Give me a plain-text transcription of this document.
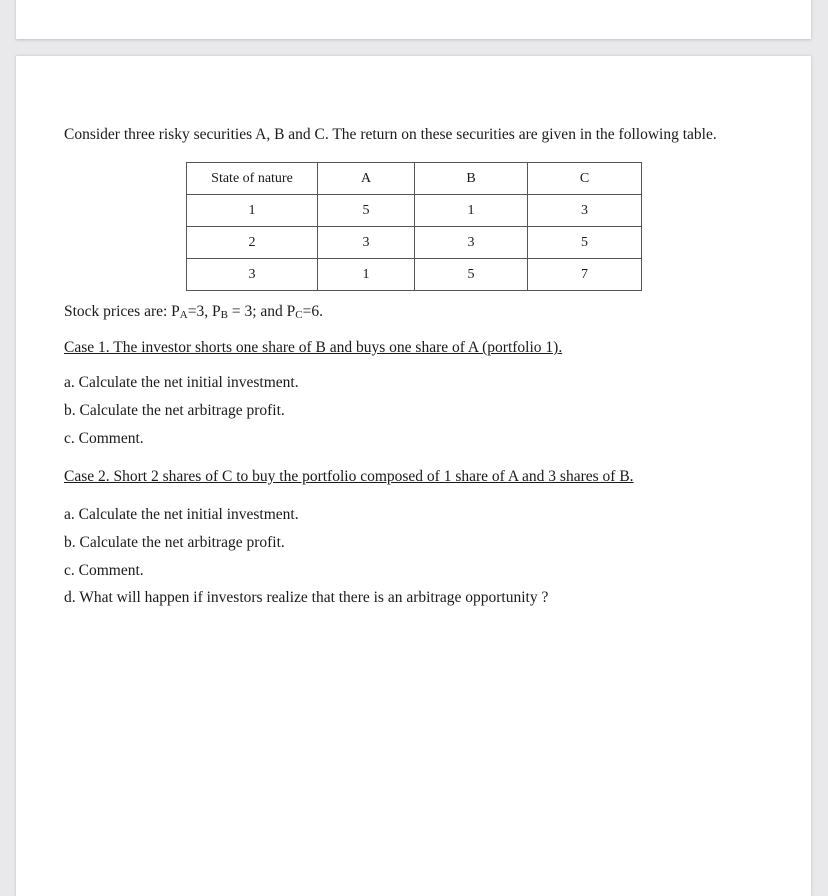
Consider three risky securities A, B and C. The return on these securities are given in the following table.
State of nature	A	B	C
1	5	1	3
2	3	3	5
3	1	5	7
Stock prices are: $P_A=3$, $P_B = 3$; and $P_C=6$.
Case 1. The investor shorts one share of B and buys one share of A (portfolio 1).
a. Calculate the net initial investment.
b. Calculate the net arbitrage profit.
c. Comment.
Case 2. Short 2 shares of C to buy the portfolio composed of 1 share of A and 3 shares of B.
a. Calculate the net initial investment.
b. Calculate the net arbitrage profit.
c. Comment.
d. What will happen if investors realize that there is an arbitrage opportunity ?
